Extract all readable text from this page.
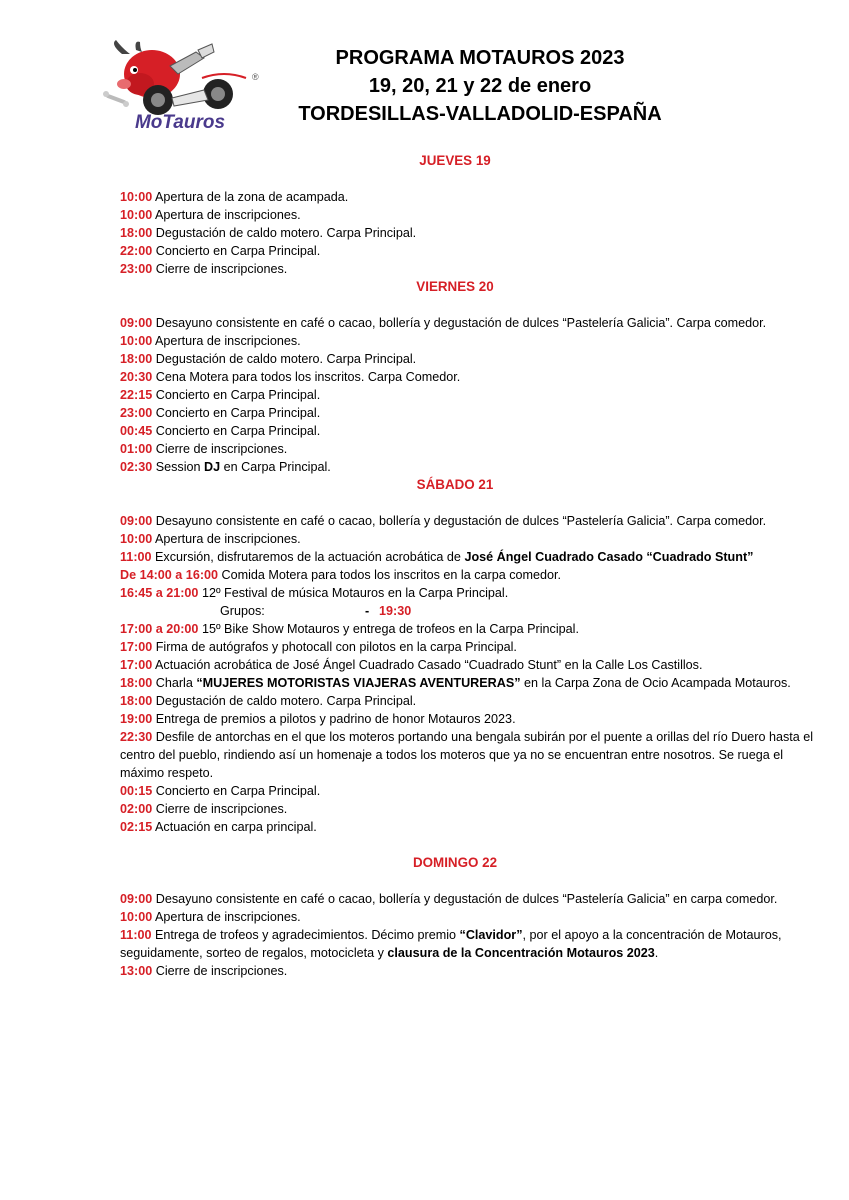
MoTauros
®
PROGRAMA MOTAUROS 2023
19, 20, 21 y 22 de enero
TORDESILLAS-VALLADOLID-ESPAÑA
JUEVES 19
10:00 Apertura de la zona de acampada.
10:00 Apertura de inscripciones.
18:00 Degustación de caldo motero. Carpa Principal.
22:00 Concierto en Carpa Principal.
23:00 Cierre de inscripciones.
VIERNES 20
09:00 Desayuno consistente en café o cacao, bollería y degustación de dulces “Pastelería Galicia”. Carpa comedor.
10:00 Apertura de inscripciones.
18:00 Degustación de caldo motero. Carpa Principal.
20:30 Cena Motera para todos los inscritos. Carpa Comedor.
22:15 Concierto en Carpa Principal.
23:00 Concierto en Carpa Principal.
00:45 Concierto en Carpa Principal.
01:00 Cierre de inscripciones.
02:30 Session DJ en Carpa Principal.
SÁBADO 21
09:00 Desayuno consistente en café o cacao, bollería y degustación de dulces “Pastelería Galicia”. Carpa comedor.
10:00 Apertura de inscripciones.
11:00 Excursión, disfrutaremos de la actuación acrobática de José Ángel Cuadrado Casado “Cuadrado Stunt”
De 14:00 a 16:00 Comida Motera para todos los inscritos en la carpa comedor.
16:45 a 21:00 12º Festival de música Motauros en la Carpa Principal.
Grupos:	- 19:30
17:00 a 20:00 15º Bike Show Motauros y entrega de trofeos en la Carpa Principal.
17:00 Firma de autógrafos y photocall con pilotos en la carpa Principal.
17:00 Actuación acrobática de José Ángel Cuadrado Casado “Cuadrado Stunt” en la Calle Los Castillos.
18:00 Charla “MUJERES MOTORISTAS VIAJERAS AVENTURERAS” en la Carpa Zona de Ocio Acampada Motauros.
18:00 Degustación de caldo motero. Carpa Principal.
19:00 Entrega de premios a pilotos y padrino de honor Motauros 2023.
22:30 Desfile de antorchas en el que los moteros portando una bengala subirán por el puente a orillas del río Duero hasta el centro del pueblo, rindiendo así un homenaje a todos los moteros que ya no se encuentran entre nosotros. Se ruega el máximo respeto.
00:15 Concierto en Carpa Principal.
02:00 Cierre de inscripciones.
02:15 Actuación en carpa principal.
DOMINGO 22
09:00 Desayuno consistente en café o cacao, bollería y degustación de dulces “Pastelería Galicia” en carpa comedor.
10:00 Apertura de inscripciones.
11:00 Entrega de trofeos y agradecimientos. Décimo premio “Clavidor”, por el apoyo a la concentración de Motauros, seguidamente, sorteo de regalos, motocicleta y clausura de la Concentración Motauros 2023.
13:00 Cierre de inscripciones.
